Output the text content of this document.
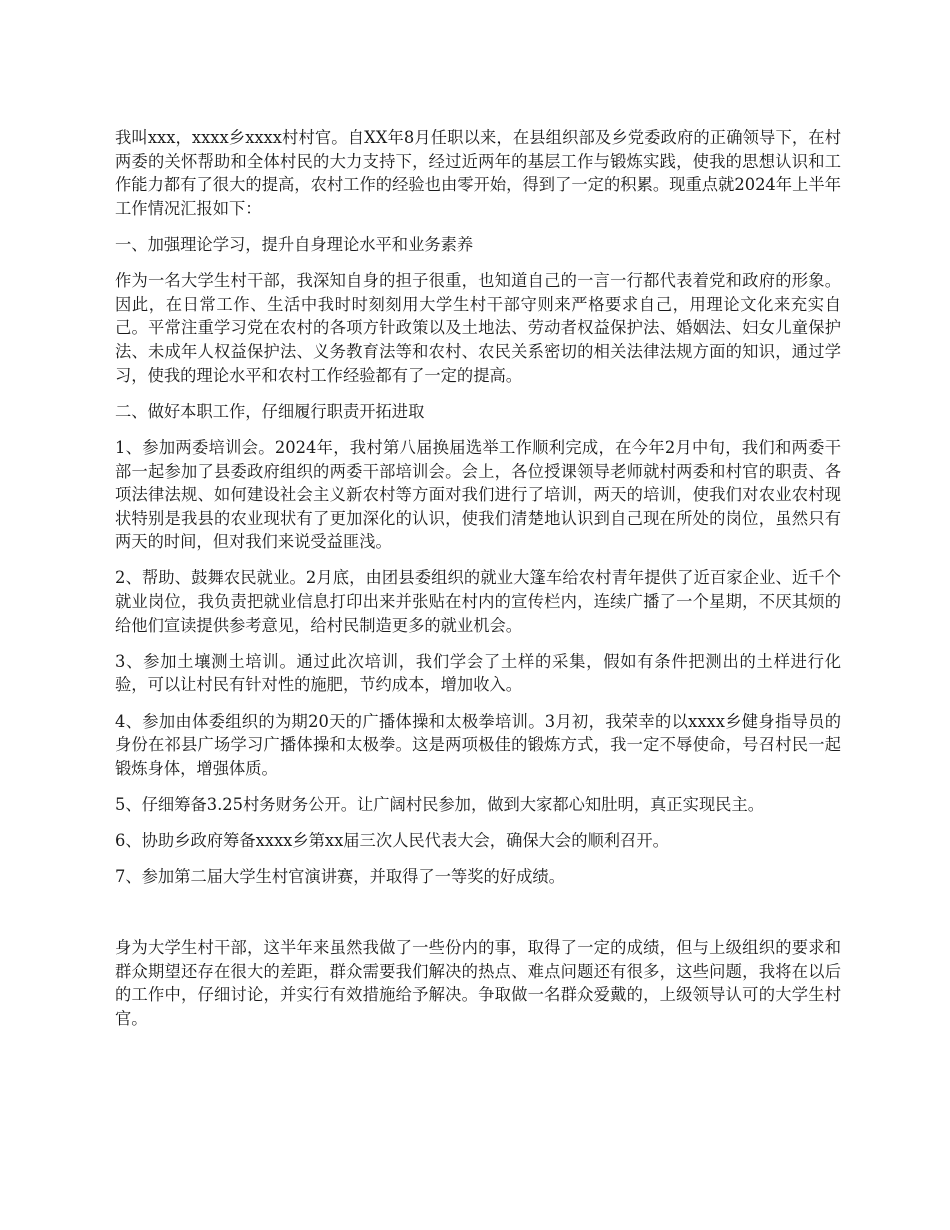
我叫xxx，xxxx乡xxxx村村官。自XX年8月任职以来，在县组织部及乡党委政府的正确领导下，在村两委的关怀帮助和全体村民的大力支持下，经过近两年的基层工作与锻炼实践，使我的思想认识和工作能力都有了很大的提高，农村工作的经验也由零开始，得到了一定的积累。现重点就2024年上半年工作情况汇报如下：

一、加强理论学习，提升自身理论水平和业务素养

作为一名大学生村干部，我深知自身的担子很重，也知道自己的一言一行都代表着党和政府的形象。因此，在日常工作、生活中我时时刻刻用大学生村干部守则来严格要求自己，用理论文化来充实自己。平常注重学习党在农村的各项方针政策以及土地法、劳动者权益保护法、婚姻法、妇女儿童保护法、未成年人权益保护法、义务教育法等和农村、农民关系密切的相关法律法规方面的知识，通过学习，使我的理论水平和农村工作经验都有了一定的提高。

二、做好本职工作，仔细履行职责开拓进取

1、参加两委培训会。2024年，我村第八届换届选举工作顺利完成，在今年2月中旬，我们和两委干部一起参加了县委政府组织的两委干部培训会。会上，各位授课领导老师就村两委和村官的职责、各项法律法规、如何建设社会主义新农村等方面对我们进行了培训，两天的培训，使我们对农业农村现状特别是我县的农业现状有了更加深化的认识，使我们清楚地认识到自己现在所处的岗位，虽然只有两天的时间，但对我们来说受益匪浅。

2、帮助、鼓舞农民就业。2月底，由团县委组织的就业大篷车给农村青年提供了近百家企业、近千个就业岗位，我负责把就业信息打印出来并张贴在村内的宣传栏内，连续广播了一个星期，不厌其烦的给他们宣读提供参考意见，给村民制造更多的就业机会。

3、参加土壤测土培训。通过此次培训，我们学会了土样的采集，假如有条件把测出的土样进行化验，可以让村民有针对性的施肥，节约成本，增加收入。

4、参加由体委组织的为期20天的广播体操和太极拳培训。3月初，我荣幸的以xxxx乡健身指导员的身份在祁县广场学习广播体操和太极拳。这是两项极佳的锻炼方式，我一定不辱使命，号召村民一起锻炼身体，增强体质。

5、仔细筹备3.25村务财务公开。让广阔村民参加，做到大家都心知肚明，真正实现民主。

6、协助乡政府筹备xxxx乡第xx届三次人民代表大会，确保大会的顺利召开。

7、参加第二届大学生村官演讲赛，并取得了一等奖的好成绩。

身为大学生村干部，这半年来虽然我做了一些份内的事，取得了一定的成绩，但与上级组织的要求和群众期望还存在很大的差距，群众需要我们解决的热点、难点问题还有很多，这些问题，我将在以后的工作中，仔细讨论，并实行有效措施给予解决。争取做一名群众爱戴的，上级领导认可的大学生村官。
